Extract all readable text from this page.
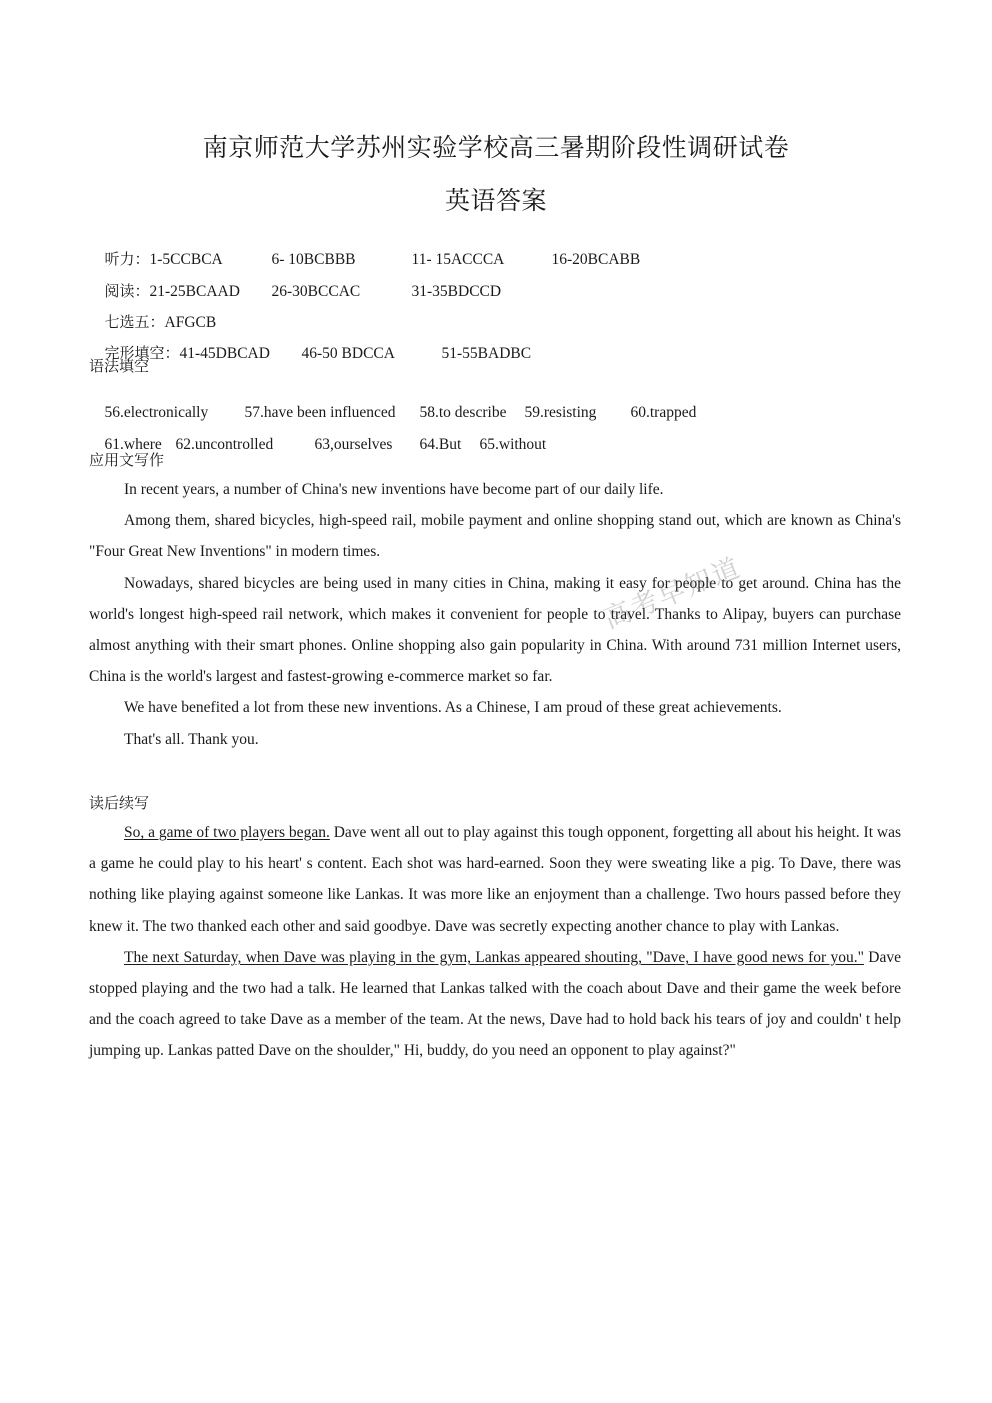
南京师范大学苏州实验学校高三暑期阶段性调研试卷
英语答案

听力：1-5CCBCA	6- 10BCBBB	11- 15ACCCA	16-20BCABB

阅读：21-25BCAAD 26-30BCCAC	31-35BDCCD

七选五：AFGCB

完形填空：41-45DBCAD 46-50 BDCCA	51-55BADBC

语法填空

56.electronically 57.have been influenced 58.to describe 59.resisting 60.trapped

61.where 62.uncontrolled	63,ourselves 64.But 65.without

应用文写作
In recent years, a number of China's new inventions have become part of our daily life.
Among them, shared bicycles, high-speed rail, mobile payment and online shopping stand out, which are known as China's "Four Great New Inventions" in modern times.
Nowadays, shared bicycles are being used in many cities in China, making it easy for people to get around. China has the world's longest high-speed rail network, which makes it convenient for people to travel. Thanks to Alipay, buyers can purchase almost anything with their smart phones. Online shopping also gain popularity in China. With around 731 million Internet users, China is the world's largest and fastest-growing e-commerce market so far.
We have benefited a lot from these new inventions. As a Chinese, I am proud of these great achievements.
That's all. Thank you.
读后续写
So, a game of two players began. Dave went all out to play against this tough opponent, forgetting all about his height. It was a game he could play to his heart' s content. Each shot was hard-earned. Soon they were sweating like a pig. To Dave, there was nothing like playing against someone like Lankas. It was more like an enjoyment than a challenge. Two hours passed before they knew it. The two thanked each other and said goodbye. Dave was secretly expecting another chance to play with Lankas.
The next Saturday, when Dave was playing in the gym, Lankas appeared shouting, "Dave, I have good news for you." Dave stopped playing and the two had a talk. He learned that Lankas talked with the coach about Dave and their game the week before and the coach agreed to take Dave as a member of the team. At the news, Dave had to hold back his tears of joy and couldn' t help jumping up. Lankas patted Dave on the shoulder," Hi, buddy, do you need an opponent to play against?"
高考早知道
